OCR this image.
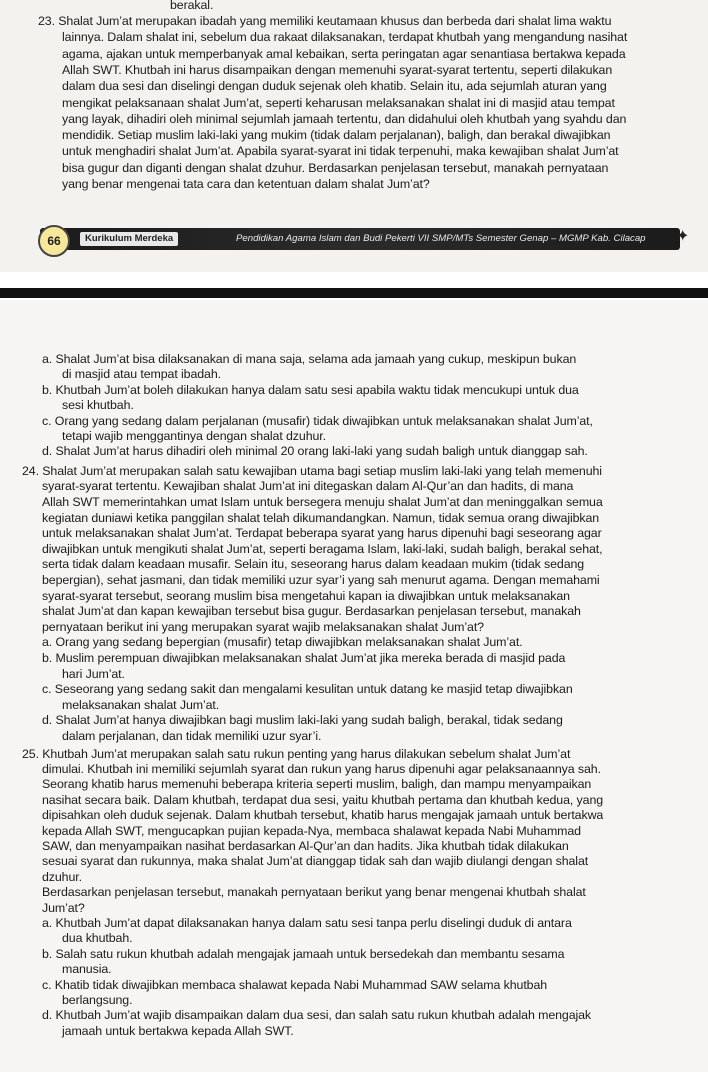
berakal.
23. Shalat Jum’at merupakan ibadah yang memiliki keutamaan khusus dan berbeda dari shalat lima waktu
lainnya. Dalam shalat ini, sebelum dua rakaat dilaksanakan, terdapat khutbah yang mengandung nasihat
agama, ajakan untuk memperbanyak amal kebaikan, serta peringatan agar senantiasa bertakwa kepada
Allah SWT. Khutbah ini harus disampaikan dengan memenuhi syarat-syarat tertentu, seperti dilakukan
dalam dua sesi dan diselingi dengan duduk sejenak oleh khatib. Selain itu, ada sejumlah aturan yang
mengikat pelaksanaan shalat Jum’at, seperti keharusan melaksanakan shalat ini di masjid atau tempat
yang layak, dihadiri oleh minimal sejumlah jamaah tertentu, dan didahului oleh khutbah yang syahdu dan
mendidik. Setiap muslim laki-laki yang mukim (tidak dalam perjalanan), baligh, dan berakal diwajibkan
untuk menghadiri shalat Jum’at. Apabila syarat-syarat ini tidak terpenuhi, maka kewajiban shalat Jum’at
bisa gugur dan diganti dengan shalat dzuhur. Berdasarkan penjelasan tersebut, manakah pernyataan
yang benar mengenai tata cara dan ketentuan dalam shalat Jum’at?
66	Kurikulum Merdeka	Pendidikan Agama Islam dan Budi Pekerti VII SMP/MTs Semester Genap – MGMP Kab. Cilacap ✦
a. Shalat Jum’at bisa dilaksanakan di mana saja, selama ada jamaah yang cukup, meskipun bukan
di masjid atau tempat ibadah.
b. Khutbah Jum’at boleh dilakukan hanya dalam satu sesi apabila waktu tidak mencukupi untuk dua
sesi khutbah.
c. Orang yang sedang dalam perjalanan (musafir) tidak diwajibkan untuk melaksanakan shalat Jum’at,
tetapi wajib menggantinya dengan shalat dzuhur.
d. Shalat Jum’at harus dihadiri oleh minimal 20 orang laki-laki yang sudah baligh untuk dianggap sah.
24. Shalat Jum’at merupakan salah satu kewajiban utama bagi setiap muslim laki-laki yang telah memenuhi
syarat-syarat tertentu. Kewajiban shalat Jum’at ini ditegaskan dalam Al-Qur’an dan hadits, di mana
Allah SWT memerintahkan umat Islam untuk bersegera menuju shalat Jum’at dan meninggalkan semua
kegiatan duniawi ketika panggilan shalat telah dikumandangkan. Namun, tidak semua orang diwajibkan
untuk melaksanakan shalat Jum’at. Terdapat beberapa syarat yang harus dipenuhi bagi seseorang agar
diwajibkan untuk mengikuti shalat Jum’at, seperti beragama Islam, laki-laki, sudah baligh, berakal sehat,
serta tidak dalam keadaan musafir. Selain itu, seseorang harus dalam keadaan mukim (tidak sedang
bepergian), sehat jasmani, dan tidak memiliki uzur syar’i yang sah menurut agama. Dengan memahami
syarat-syarat tersebut, seorang muslim bisa mengetahui kapan ia diwajibkan untuk melaksanakan
shalat Jum’at dan kapan kewajiban tersebut bisa gugur. Berdasarkan penjelasan tersebut, manakah
pernyataan berikut ini yang merupakan syarat wajib melaksanakan shalat Jum’at?
a. Orang yang sedang bepergian (musafir) tetap diwajibkan melaksanakan shalat Jum’at.
b. Muslim perempuan diwajibkan melaksanakan shalat Jum’at jika mereka berada di masjid pada
hari Jum’at.
c. Seseorang yang sedang sakit dan mengalami kesulitan untuk datang ke masjid tetap diwajibkan
melaksanakan shalat Jum’at.
d. Shalat Jum’at hanya diwajibkan bagi muslim laki-laki yang sudah baligh, berakal, tidak sedang
dalam perjalanan, dan tidak memiliki uzur syar’i.
25. Khutbah Jum’at merupakan salah satu rukun penting yang harus dilakukan sebelum shalat Jum’at
dimulai. Khutbah ini memiliki sejumlah syarat dan rukun yang harus dipenuhi agar pelaksanaannya sah.
Seorang khatib harus memenuhi beberapa kriteria seperti muslim, baligh, dan mampu menyampaikan
nasihat secara baik. Dalam khutbah, terdapat dua sesi, yaitu khutbah pertama dan khutbah kedua, yang
dipisahkan oleh duduk sejenak. Dalam khutbah tersebut, khatib harus mengajak jamaah untuk bertakwa
kepada Allah SWT, mengucapkan pujian kepada-Nya, membaca shalawat kepada Nabi Muhammad
SAW, dan menyampaikan nasihat berdasarkan Al-Qur’an dan hadits. Jika khutbah tidak dilakukan
sesuai syarat dan rukunnya, maka shalat Jum’at dianggap tidak sah dan wajib diulangi dengan shalat
dzuhur.
Berdasarkan penjelasan tersebut, manakah pernyataan berikut yang benar mengenai khutbah shalat
Jum’at?
a. Khutbah Jum’at dapat dilaksanakan hanya dalam satu sesi tanpa perlu diselingi duduk di antara
dua khutbah.
b. Salah satu rukun khutbah adalah mengajak jamaah untuk bersedekah dan membantu sesama
manusia.
c. Khatib tidak diwajibkan membaca shalawat kepada Nabi Muhammad SAW selama khutbah
berlangsung.
d. Khutbah Jum’at wajib disampaikan dalam dua sesi, dan salah satu rukun khutbah adalah mengajak
jamaah untuk bertakwa kepada Allah SWT.
